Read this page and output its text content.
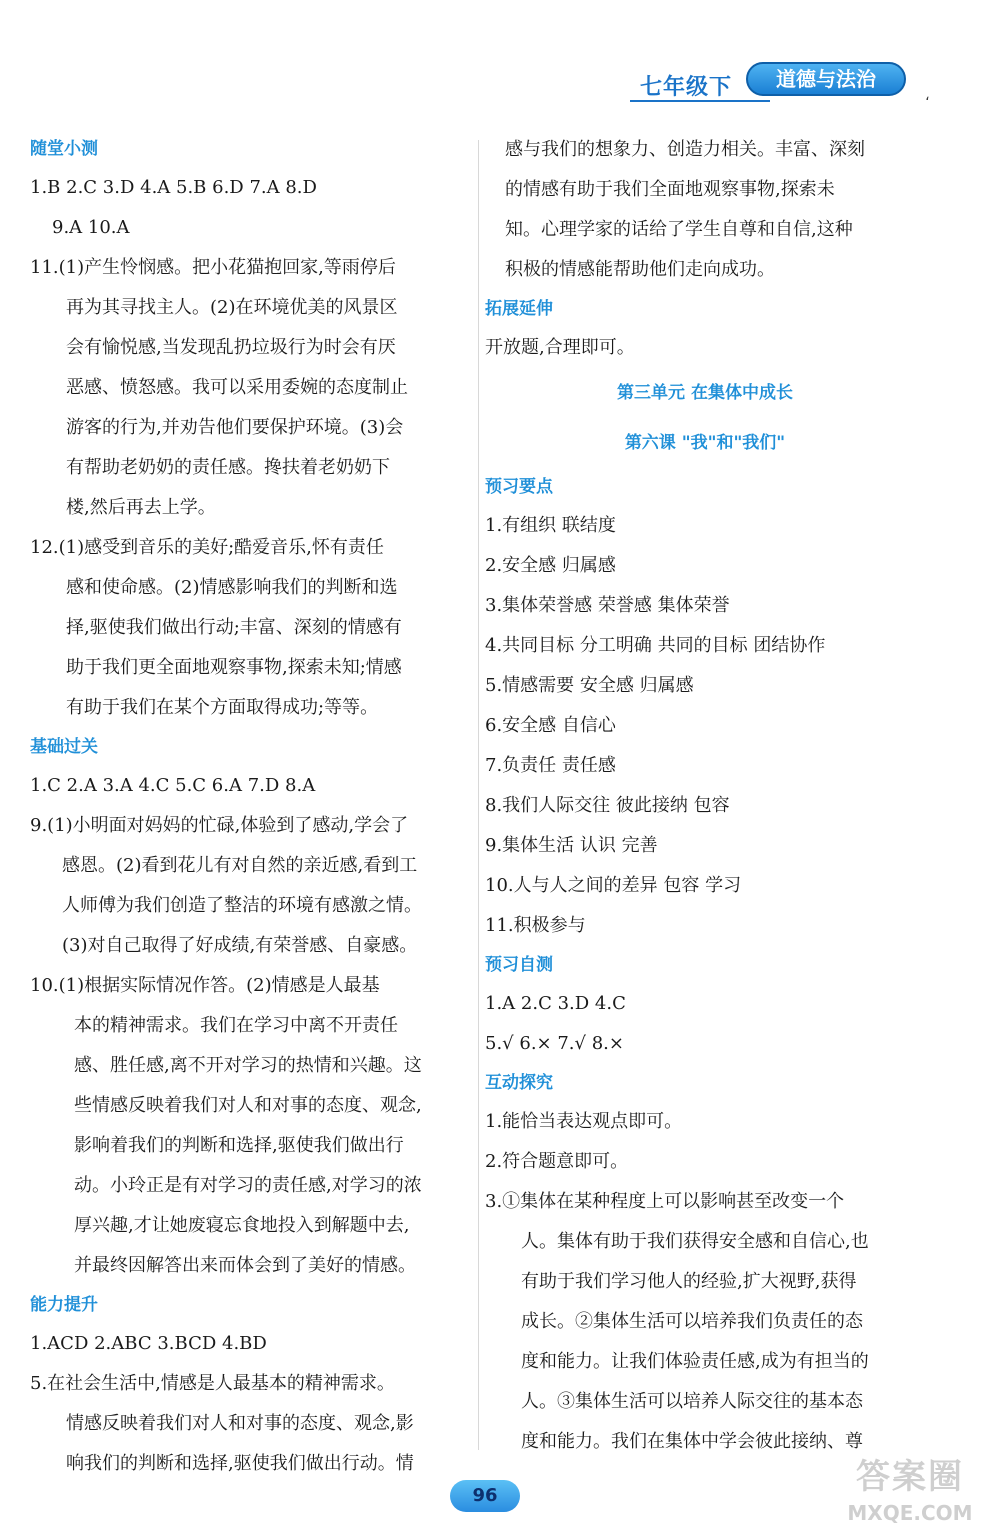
七年级下	道德与法治
،
随堂小测
1.B 2.C 3.D 4.A 5.B 6.D 7.A 8.D
9.A 10.A
11.(1)产生怜悯感。把小花猫抱回家,等雨停后
再为其寻找主人。(2)在环境优美的风景区
会有愉悦感,当发现乱扔垃圾行为时会有厌
恶感、愤怒感。我可以采用委婉的态度制止
游客的行为,并劝告他们要保护环境。(3)会
有帮助老奶奶的责任感。搀扶着老奶奶下
楼,然后再去上学。
12.(1)感受到音乐的美好;酷爱音乐,怀有责任
感和使命感。(2)情感影响我们的判断和选
择,驱使我们做出行动;丰富、深刻的情感有
助于我们更全面地观察事物,探索未知;情感
有助于我们在某个方面取得成功;等等。
基础过关
1.C 2.A 3.A 4.C 5.C 6.A 7.D 8.A
9.(1)小明面对妈妈的忙碌,体验到了感动,学会了
感恩。(2)看到花儿有对自然的亲近感,看到工
人师傅为我们创造了整洁的环境有感激之情。
(3)对自己取得了好成绩,有荣誉感、自豪感。
10.(1)根据实际情况作答。(2)情感是人最基
本的精神需求。我们在学习中离不开责任
感、胜任感,离不开对学习的热情和兴趣。这
些情感反映着我们对人和对事的态度、观念,
影响着我们的判断和选择,驱使我们做出行
动。小玲正是有对学习的责任感,对学习的浓
厚兴趣,才让她废寝忘食地投入到解题中去,
并最终因解答出来而体会到了美好的情感。
能力提升
1.ACD 2.ABC 3.BCD 4.BD
5.在社会生活中,情感是人最基本的精神需求。
情感反映着我们对人和对事的态度、观念,影
响我们的判断和选择,驱使我们做出行动。情
感与我们的想象力、创造力相关。丰富、深刻
的情感有助于我们全面地观察事物,探索未
知。心理学家的话给了学生自尊和自信,这种
积极的情感能帮助他们走向成功。
拓展延伸
开放题,合理即可。
第三单元 在集体中成长
第六课 "我"和"我们"
预习要点
1.有组织 联结度
2.安全感 归属感
3.集体荣誉感 荣誉感 集体荣誉
4.共同目标 分工明确 共同的目标 团结协作
5.情感需要 安全感 归属感
6.安全感 自信心
7.负责任 责任感
8.我们人际交往 彼此接纳 包容
9.集体生活 认识 完善
10.人与人之间的差异 包容 学习
11.积极参与
预习自测
1.A 2.C 3.D 4.C
5.√ 6.× 7.√ 8.×
互动探究
1.能恰当表达观点即可。
2.符合题意即可。
3.①集体在某种程度上可以影响甚至改变一个
人。集体有助于我们获得安全感和自信心,也
有助于我们学习他人的经验,扩大视野,获得
成长。②集体生活可以培养我们负责任的态
度和能力。让我们体验责任感,成为有担当的
人。③集体生活可以培养人际交往的基本态
度和能力。我们在集体中学会彼此接纳、尊
96	答案圈
MXQE.COM
